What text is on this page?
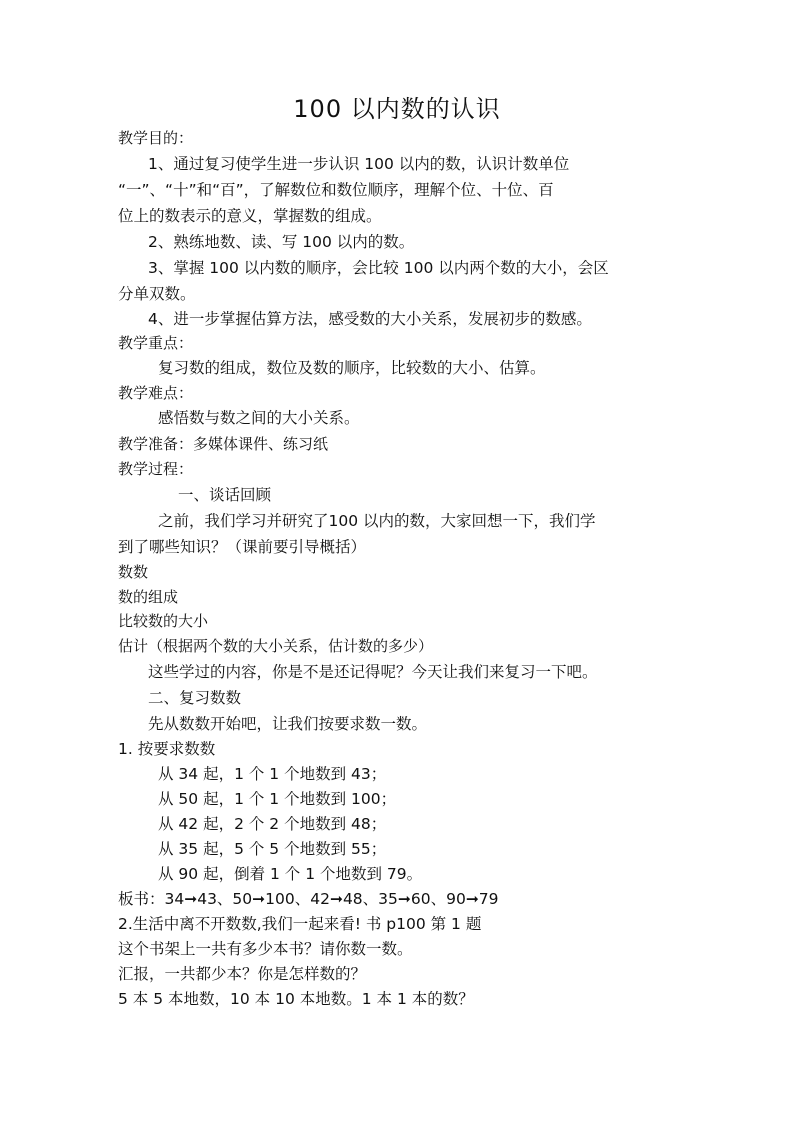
100 以内数的认识
教学目的：
1、通过复习使学生进一步认识 100 以内的数，认识计数单位
“一”、“十”和“百”，了解数位和数位顺序，理解个位、十位、百
位上的数表示的意义，掌握数的组成。
2、熟练地数、读、写 100 以内的数。
3、掌握 100 以内数的顺序，会比较 100 以内两个数的大小，会区
分单双数。
4、进一步掌握估算方法，感受数的大小关系，发展初步的数感。
教学重点：
复习数的组成，数位及数的顺序，比较数的大小、估算。
教学难点：
感悟数与数之间的大小关系。
教学准备：多媒体课件、练习纸
教学过程：
一、谈话回顾
之前，我们学习并研究了100 以内的数，大家回想一下，我们学
到了哪些知识？（课前要引导概括）
数数
数的组成
比较数的大小
估计（根据两个数的大小关系，估计数的多少）
这些学过的内容，你是不是还记得呢？今天让我们来复习一下吧。
二、复习数数
先从数数开始吧，让我们按要求数一数。
1. 按要求数数
从 34 起，1 个 1 个地数到 43；
从 50 起，1 个 1 个地数到 100；
从 42 起，2 个 2 个地数到 48；
从 35 起，5 个 5 个地数到 55；
从 90 起，倒着 1 个 1 个地数到 79。
板书：34➞43、50➞100、42➞48、35➞60、90➞79
2.生活中离不开数数,我们一起来看! 书 p100 第 1 题
这个书架上一共有多少本书？请你数一数。
汇报，一共都少本？你是怎样数的？
5 本 5 本地数，10 本 10 本地数。1 本 1 本的数？
